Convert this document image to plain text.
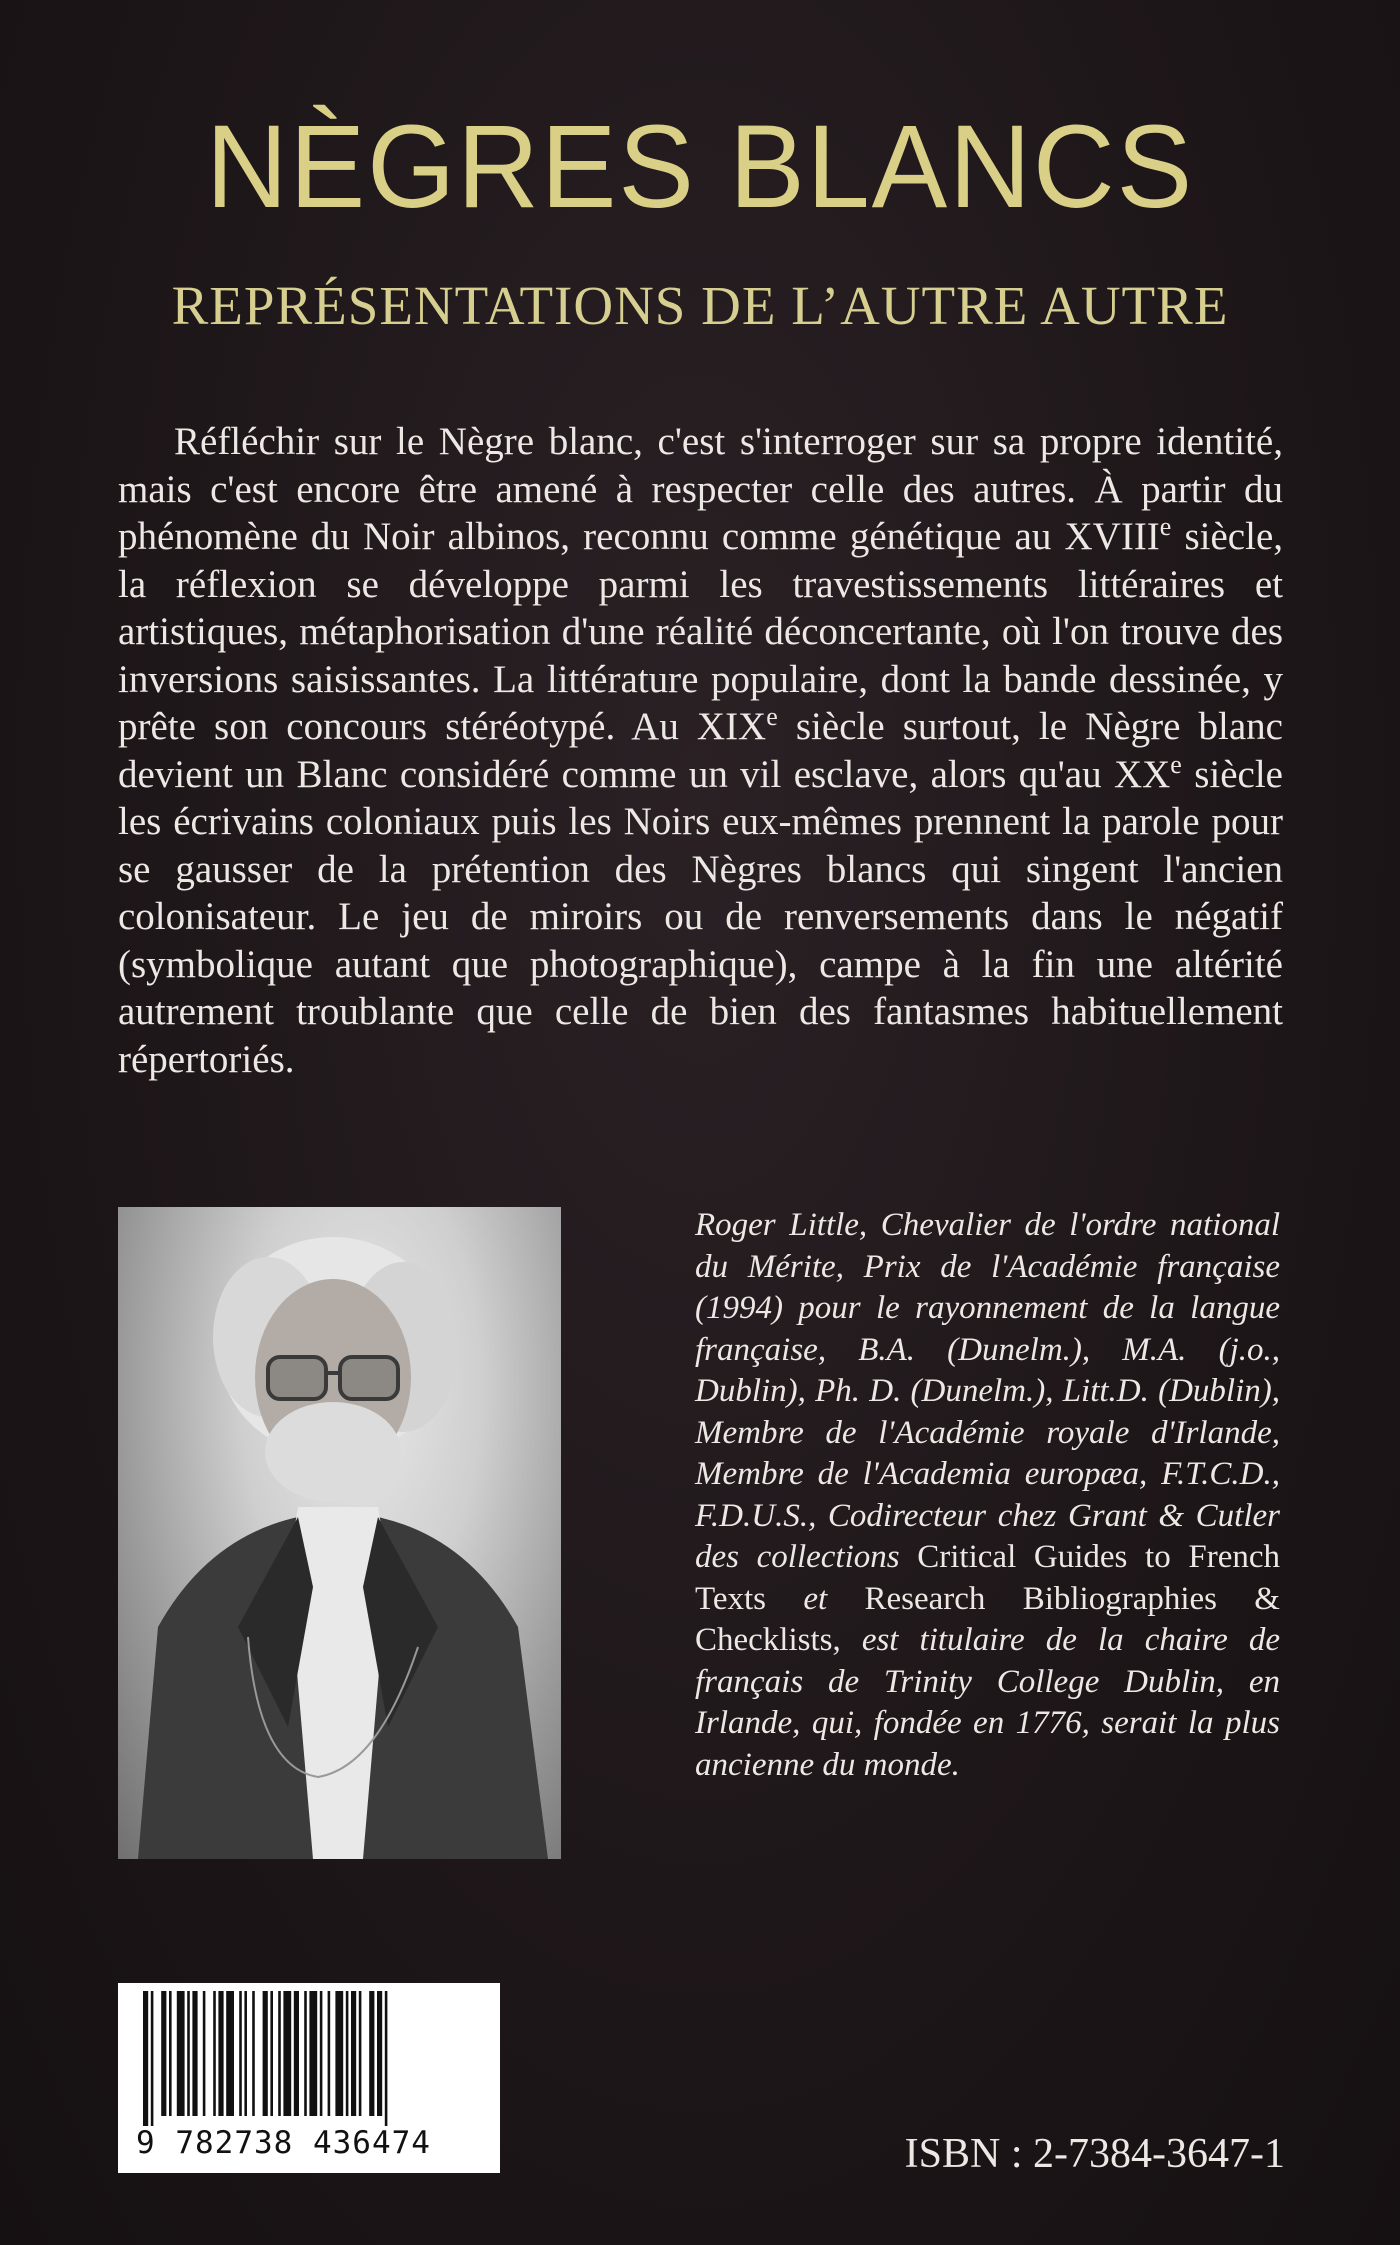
NÈGRES BLANCS
REPRÉSENTATIONS DE L’AUTRE AUTRE
Réfléchir sur le Nègre blanc, c'est s'interroger sur sa propre identité, mais c'est encore être amené à respecter celle des autres. À partir du phénomène du Noir albinos, reconnu comme génétique au XVIIIe siècle, la réflexion se développe parmi les travestissements littéraires et artistiques, métaphorisation d'une réalité déconcertante, où l'on trouve des inversions saisissantes. La littérature populaire, dont la bande dessinée, y prête son concours stéréotypé. Au XIXe siècle surtout, le Nègre blanc devient un Blanc considéré comme un vil esclave, alors qu'au XXe siècle les écrivains coloniaux puis les Noirs eux-mêmes prennent la parole pour se gausser de la prétention des Nègres blancs qui singent l'ancien colonisateur. Le jeu de miroirs ou de renversements dans le négatif (symbolique autant que photographique), campe à la fin une altérité autrement troublante que celle de bien des fantasmes habituellement répertoriés.
Roger Little, Chevalier de l'ordre national du Mérite, Prix de l'Académie française (1994) pour le rayonnement de la langue française, B.A. (Dunelm.), M.A. (j.o., Dublin), Ph. D. (Dunelm.), Litt.D. (Dublin), Membre de l'Académie royale d'Irlande, Membre de l'Academia europæa, F.T.C.D., F.D.U.S., Codirecteur chez Grant & Cutler des collections Critical Guides to French Texts et Research Bibliographies & Checklists, est titulaire de la chaire de français de Trinity College Dublin, en Irlande, qui, fondée en 1776, serait la plus ancienne du monde.
9 782738 436474	ISBN : 2-7384-3647-1
